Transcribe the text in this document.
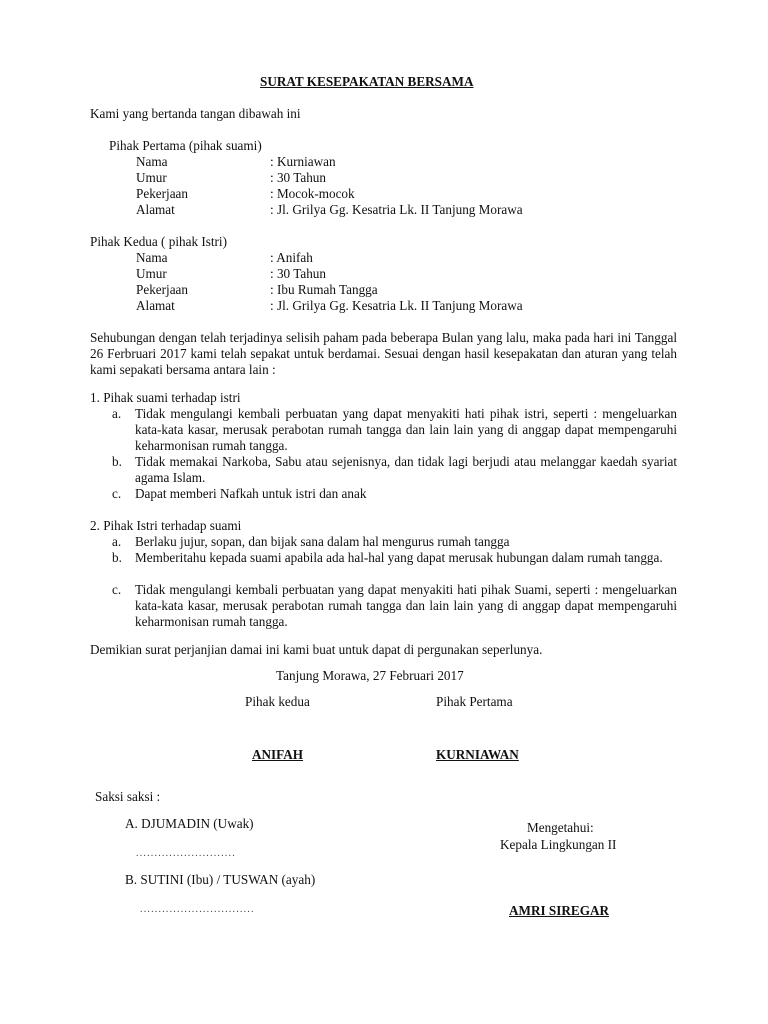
SURAT KESEPAKATAN BERSAMA
Kami yang bertanda tangan dibawah ini
Pihak Pertama (pihak suami)
Nama	: Kurniawan
Umur	: 30 Tahun
Pekerjaan	: Mocok-mocok
Alamat	: Jl. Grilya Gg. Kesatria Lk. II Tanjung Morawa
Pihak Kedua ( pihak Istri)
Nama	: Anifah
Umur	: 30 Tahun
Pekerjaan	: Ibu Rumah Tangga
Alamat	: Jl. Grilya Gg. Kesatria Lk. II Tanjung Morawa
Sehubungan dengan telah terjadinya selisih paham pada beberapa Bulan yang lalu, maka pada hari ini Tanggal 26 Ferbruari 2017 kami telah sepakat untuk berdamai. Sesuai dengan hasil kesepakatan dan aturan yang telah kami sepakati bersama antara lain :
1. Pihak suami terhadap istri
a. Tidak mengulangi kembali perbuatan yang dapat menyakiti hati pihak istri, seperti : mengeluarkan kata-kata kasar, merusak perabotan rumah tangga dan lain lain yang di anggap dapat mempengaruhi keharmonisan rumah tangga.
b. Tidak memakai Narkoba, Sabu atau sejenisnya, dan tidak lagi berjudi atau melanggar kaedah syariat agama Islam.
c. Dapat memberi Nafkah untuk istri dan anak
2. Pihak Istri terhadap suami
a. Berlaku jujur, sopan, dan bijak sana dalam hal mengurus rumah tangga
b. Memberitahu kepada suami apabila ada hal-hal yang dapat merusak hubungan dalam rumah tangga.
c. Tidak mengulangi kembali perbuatan yang dapat menyakiti hati pihak Suami, seperti : mengeluarkan kata-kata kasar, merusak perabotan rumah tangga dan lain lain yang di anggap dapat mempengaruhi keharmonisan rumah tangga.
Demikian surat perjanjian damai ini kami buat untuk dapat di pergunakan seperlunya.
Tanjung Morawa, 27 Februari 2017
Pihak kedua	Pihak Pertama
ANIFAH	KURNIAWAN
Saksi saksi :
A. DJUMADIN (Uwak)
...........................
B. SUTINI (Ibu) / TUSWAN (ayah)
...............................
Mengetahui:
Kepala Lingkungan II
AMRI SIREGAR
